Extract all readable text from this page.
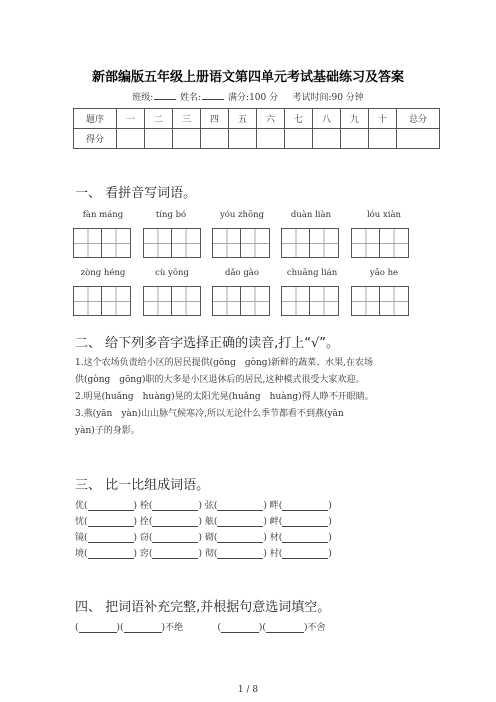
新部编版五年级上册语文第四单元考试基础练习及答案
班级:	姓名:	满分:100 分 考试时间:90 分钟
题序	一	二	三	四	五	六	七	八	九	十	总分
得分											
一、 看拼音写词语。
fàn máng	tíng bó	yóu zhōng	duàn liàn	lóu xiàn
zòng héng	cù yōng	dǎo gào	chuāng lián	yāo he
二、 给下列多音字选择正确的读音,打上“√”。
1.这个农场负责给小区的居民提供(gōng　gòng)新鲜的蔬菜、水果,在农场
供(gòng　gōng)职的大多是小区退休后的居民,这种模式很受大家欢迎。
2.明晃(huǎng　huàng)晃的太阳光晃(huǎng　huàng)得人睁不开眼睛。
3.燕(yān　yàn)山山脉气候寒冷,所以无论什么季节都看不到燕(yān
yàn)子的身影。
三、 比一比组成词语。
优(	) 栓(	) 弦(	) 畔(	)
忧(	) 拴(	) 舷(	) 衅(	)
镜(	) 窃(	) 砌(	) 材(	)
境(	) 窍(	) 彻(	) 村(	)
四、 把词语补充完整,并根据句意选词填空。
(	)(	)不绝            (	)(	)不舍
1 / 8
